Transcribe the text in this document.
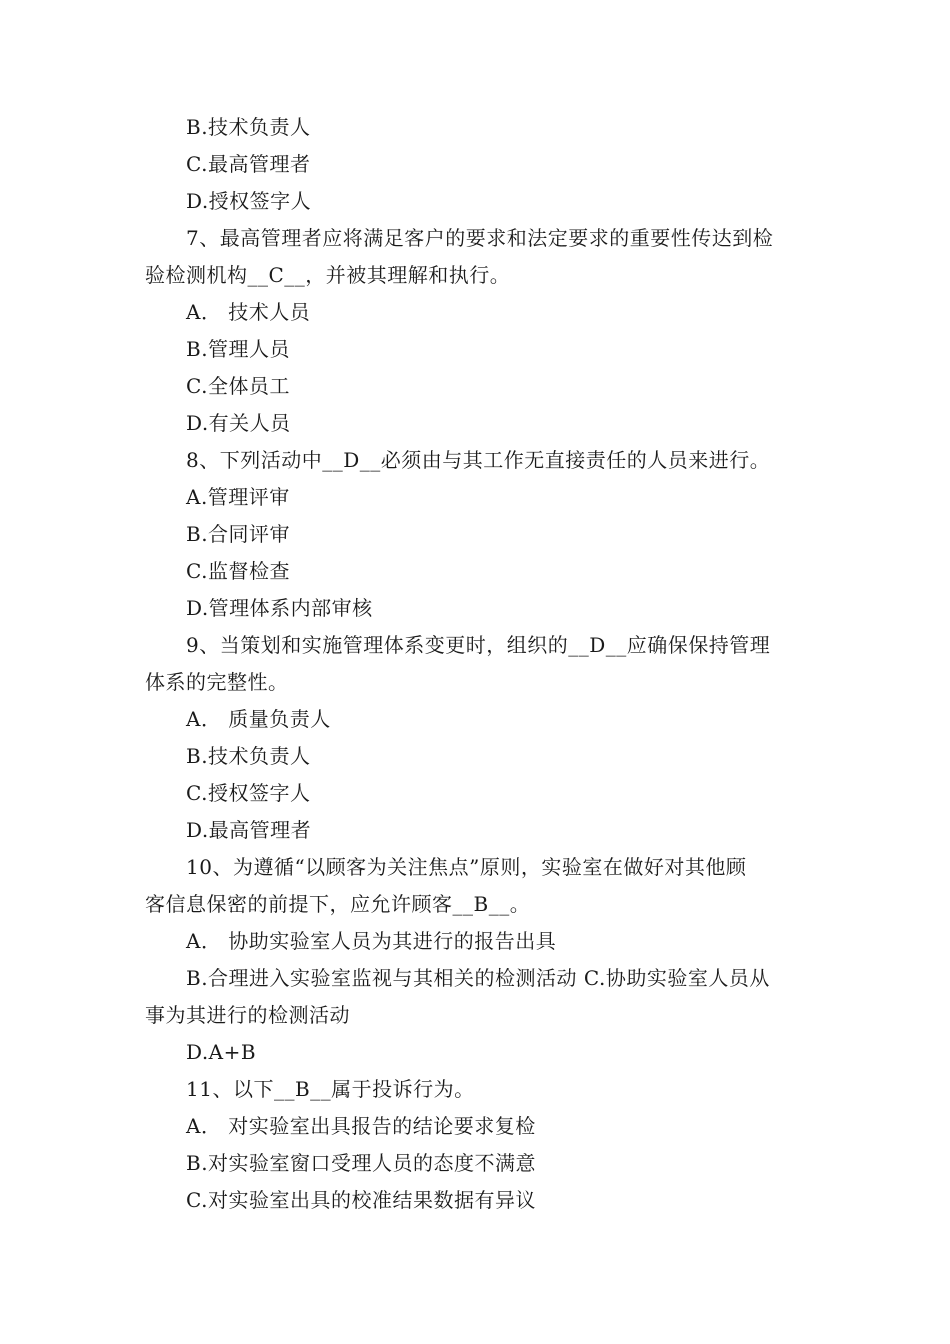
B.技术负责人
C.最高管理者
D.授权签字人
7、最高管理者应将满足客户的要求和法定要求的重要性传达到检
验检测机构__C__，并被其理解和执行。
A． 技术人员
B.管理人员
C.全体员工
D.有关人员
8、下列活动中__D__必须由与其工作无直接责任的人员来进行。
A.管理评审
B.合同评审
C.监督检查
D.管理体系内部审核
9、当策划和实施管理体系变更时，组织的__D__应确保保持管理
体系的完整性。
A． 质量负责人
B.技术负责人
C.授权签字人
D.最高管理者
10、为遵循“以顾客为关注焦点”原则，实验室在做好对其他顾
客信息保密的前提下，应允许顾客__B__。
A． 协助实验室人员为其进行的报告出具
B.合理进入实验室监视与其相关的检测活动 C.协助实验室人员从
事为其进行的检测活动
D.A+B
11、以下__B__属于投诉行为。
A． 对实验室出具报告的结论要求复检
B.对实验室窗口受理人员的态度不满意
C.对实验室出具的校准结果数据有异议
